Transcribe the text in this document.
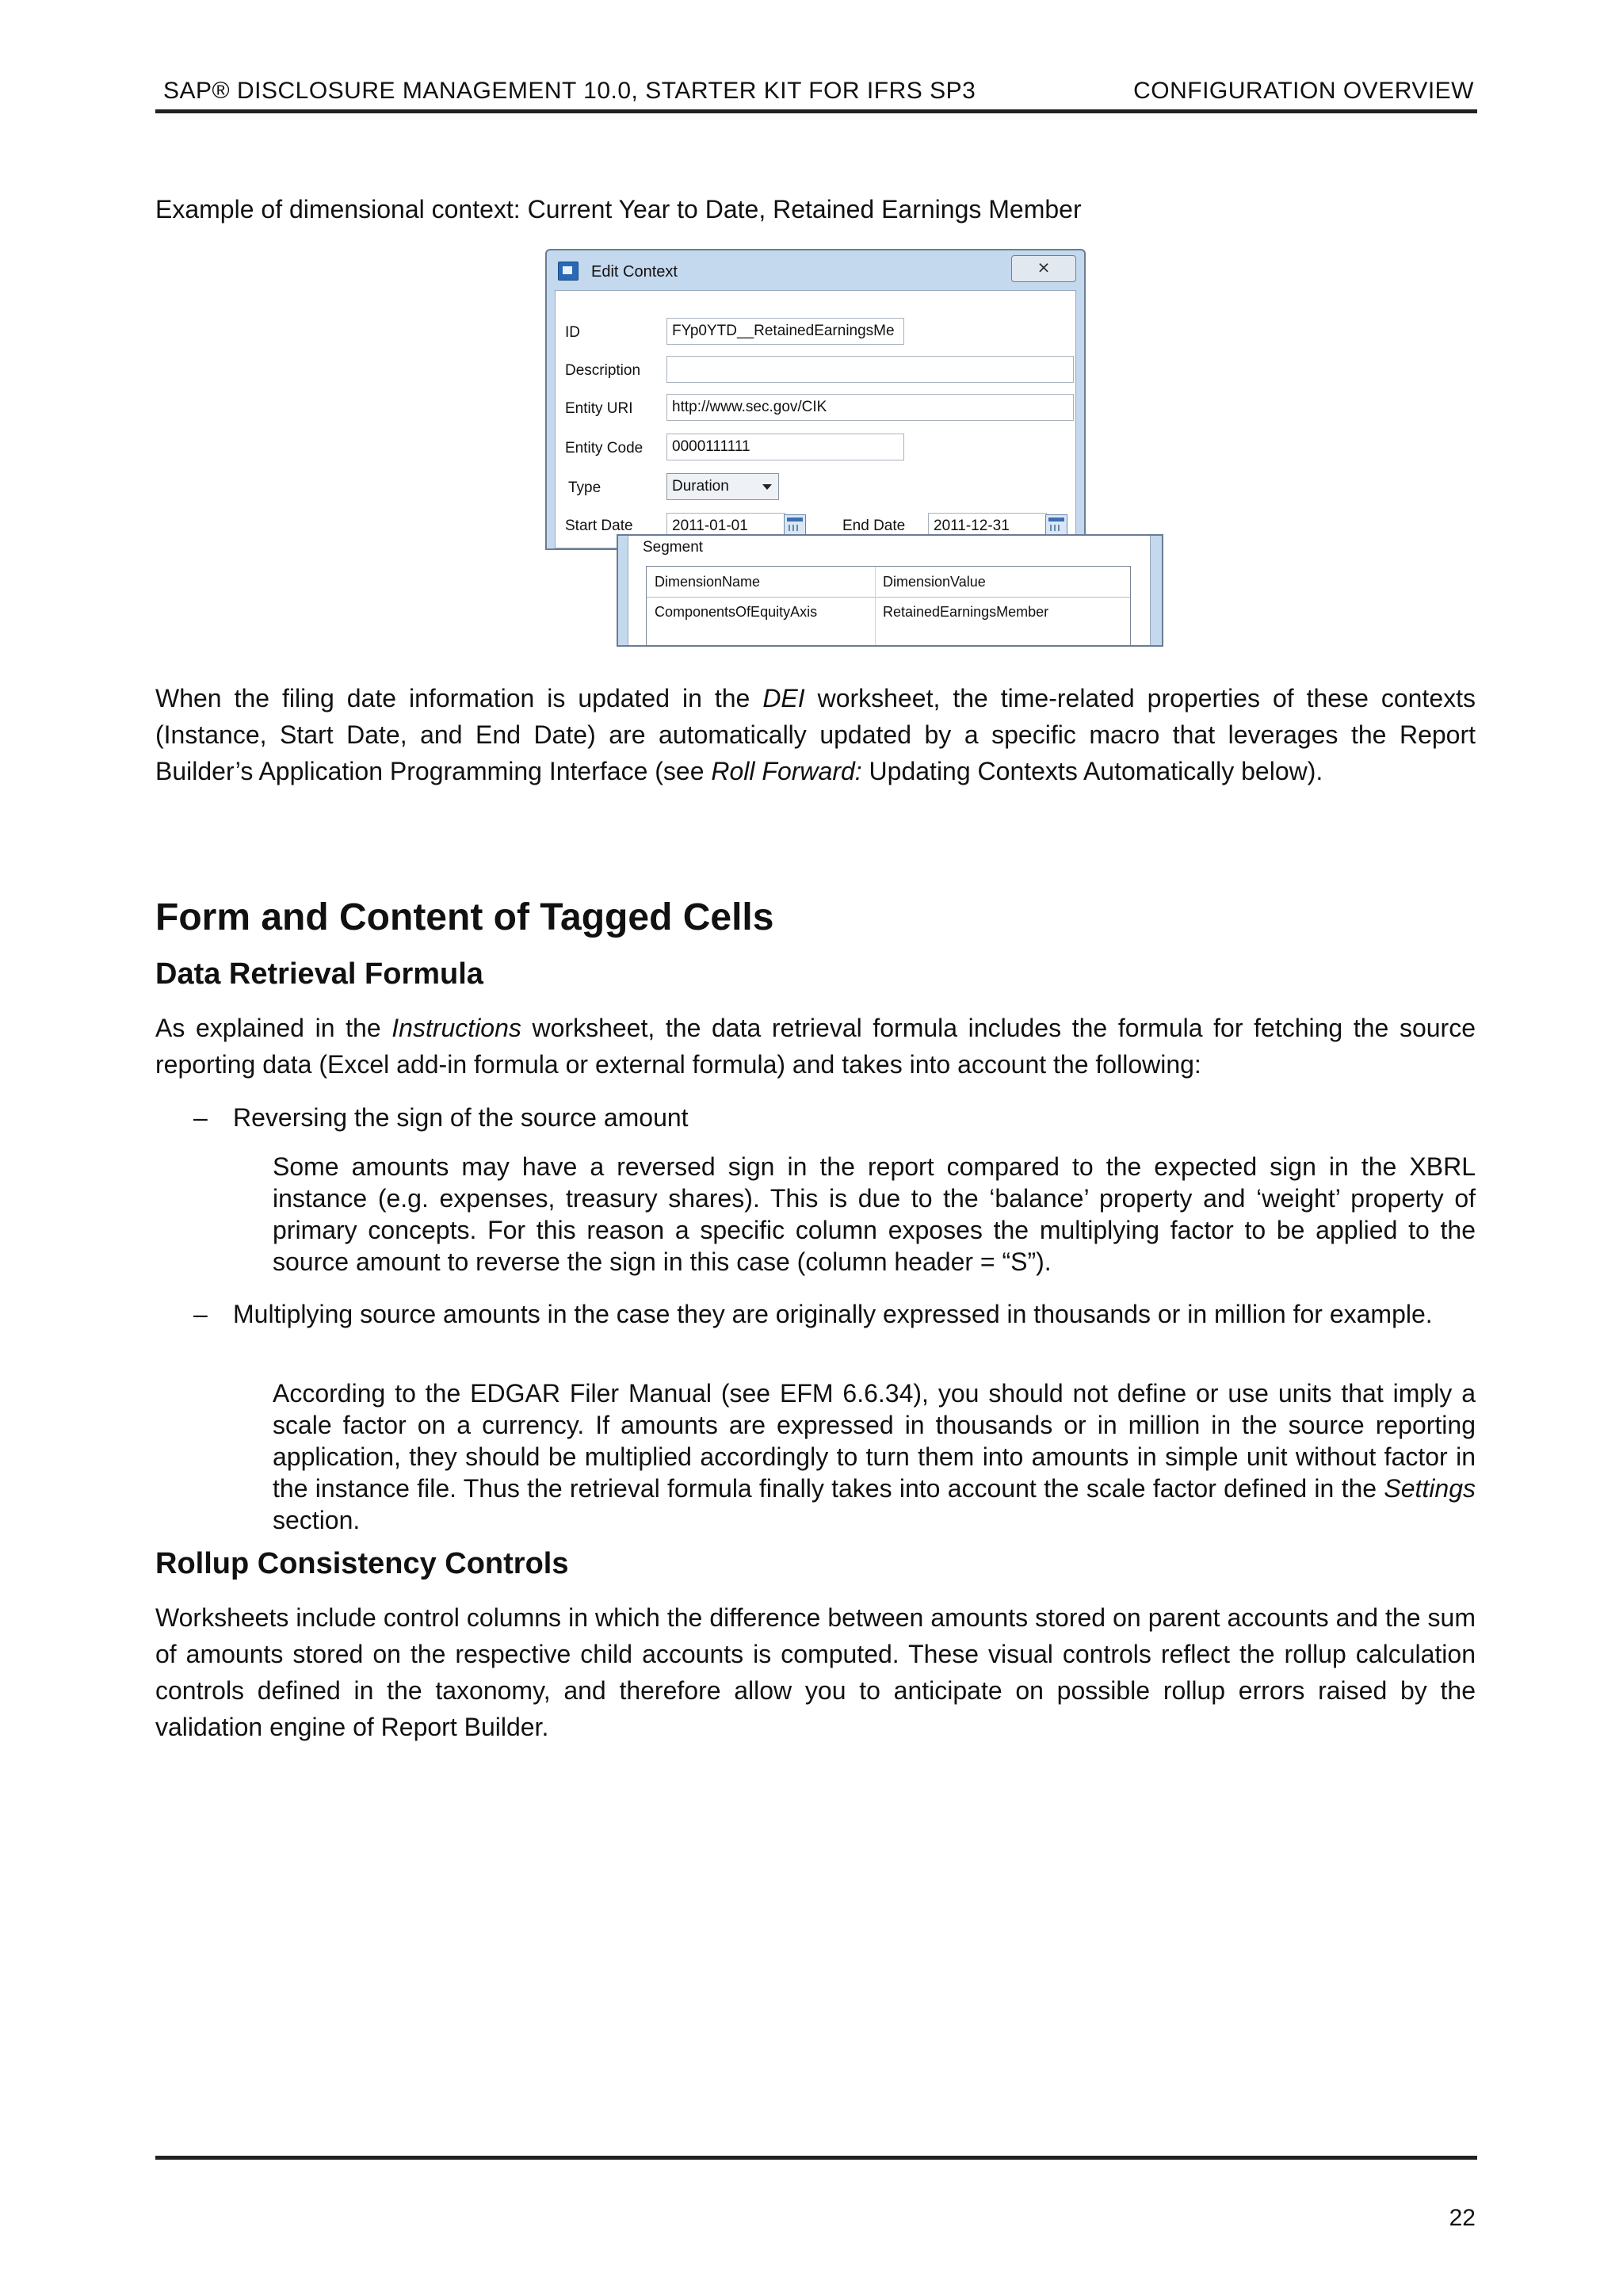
SAP® DISCLOSURE MANAGEMENT 10.0, STARTER KIT FOR IFRS SP3	CONFIGURATION OVERVIEW
Example of dimensional context: Current Year to Date, Retained Earnings Member
Edit Context	⨯
ID	FYp0YTD__RetainedEarningsMe
Description
Entity URI	http://www.sec.gov/CIK
Entity Code	0000111111
Type	Duration
Start Date	2011-01-01	End Date	2011-12-31
Segment
DimensionName	DimensionValue
ComponentsOfEquityAxis	RetainedEarningsMember

When the filing date information is updated in the DEI worksheet, the time-related properties of these contexts (Instance, Start Date, and End Date) are automatically updated by a specific macro that leverages the Report Builder’s Application Programming Interface (see Roll Forward: Updating Contexts Automatically below).

Form and Content of Tagged Cells
Data Retrieval Formula

As explained in the Instructions worksheet, the data retrieval formula includes the formula for fetching the source reporting data (Excel add-in formula or external formula) and takes into account the following:

– Reversing the sign of the source amount

Some amounts may have a reversed sign in the report compared to the expected sign in the XBRL instance (e.g. expenses, treasury shares). This is due to the ‘balance’ property and ‘weight’ property of primary concepts. For this reason a specific column exposes the multiplying factor to be applied to the source amount to reverse the sign in this case (column header = “S”).

– Multiplying source amounts in the case they are originally expressed in thousands or in million for example.

According to the EDGAR Filer Manual (see EFM 6.6.34), you should not define or use units that imply a scale factor on a currency. If amounts are expressed in thousands or in million in the source reporting application, they should be multiplied accordingly to turn them into amounts in simple unit without factor in the instance file. Thus the retrieval formula finally takes into account the scale factor defined in the Settings section.

Rollup Consistency Controls

Worksheets include control columns in which the difference between amounts stored on parent accounts and the sum of amounts stored on the respective child accounts is computed. These visual controls reflect the rollup calculation controls defined in the taxonomy, and therefore allow you to anticipate on possible rollup errors raised by the validation engine of Report Builder.

22
